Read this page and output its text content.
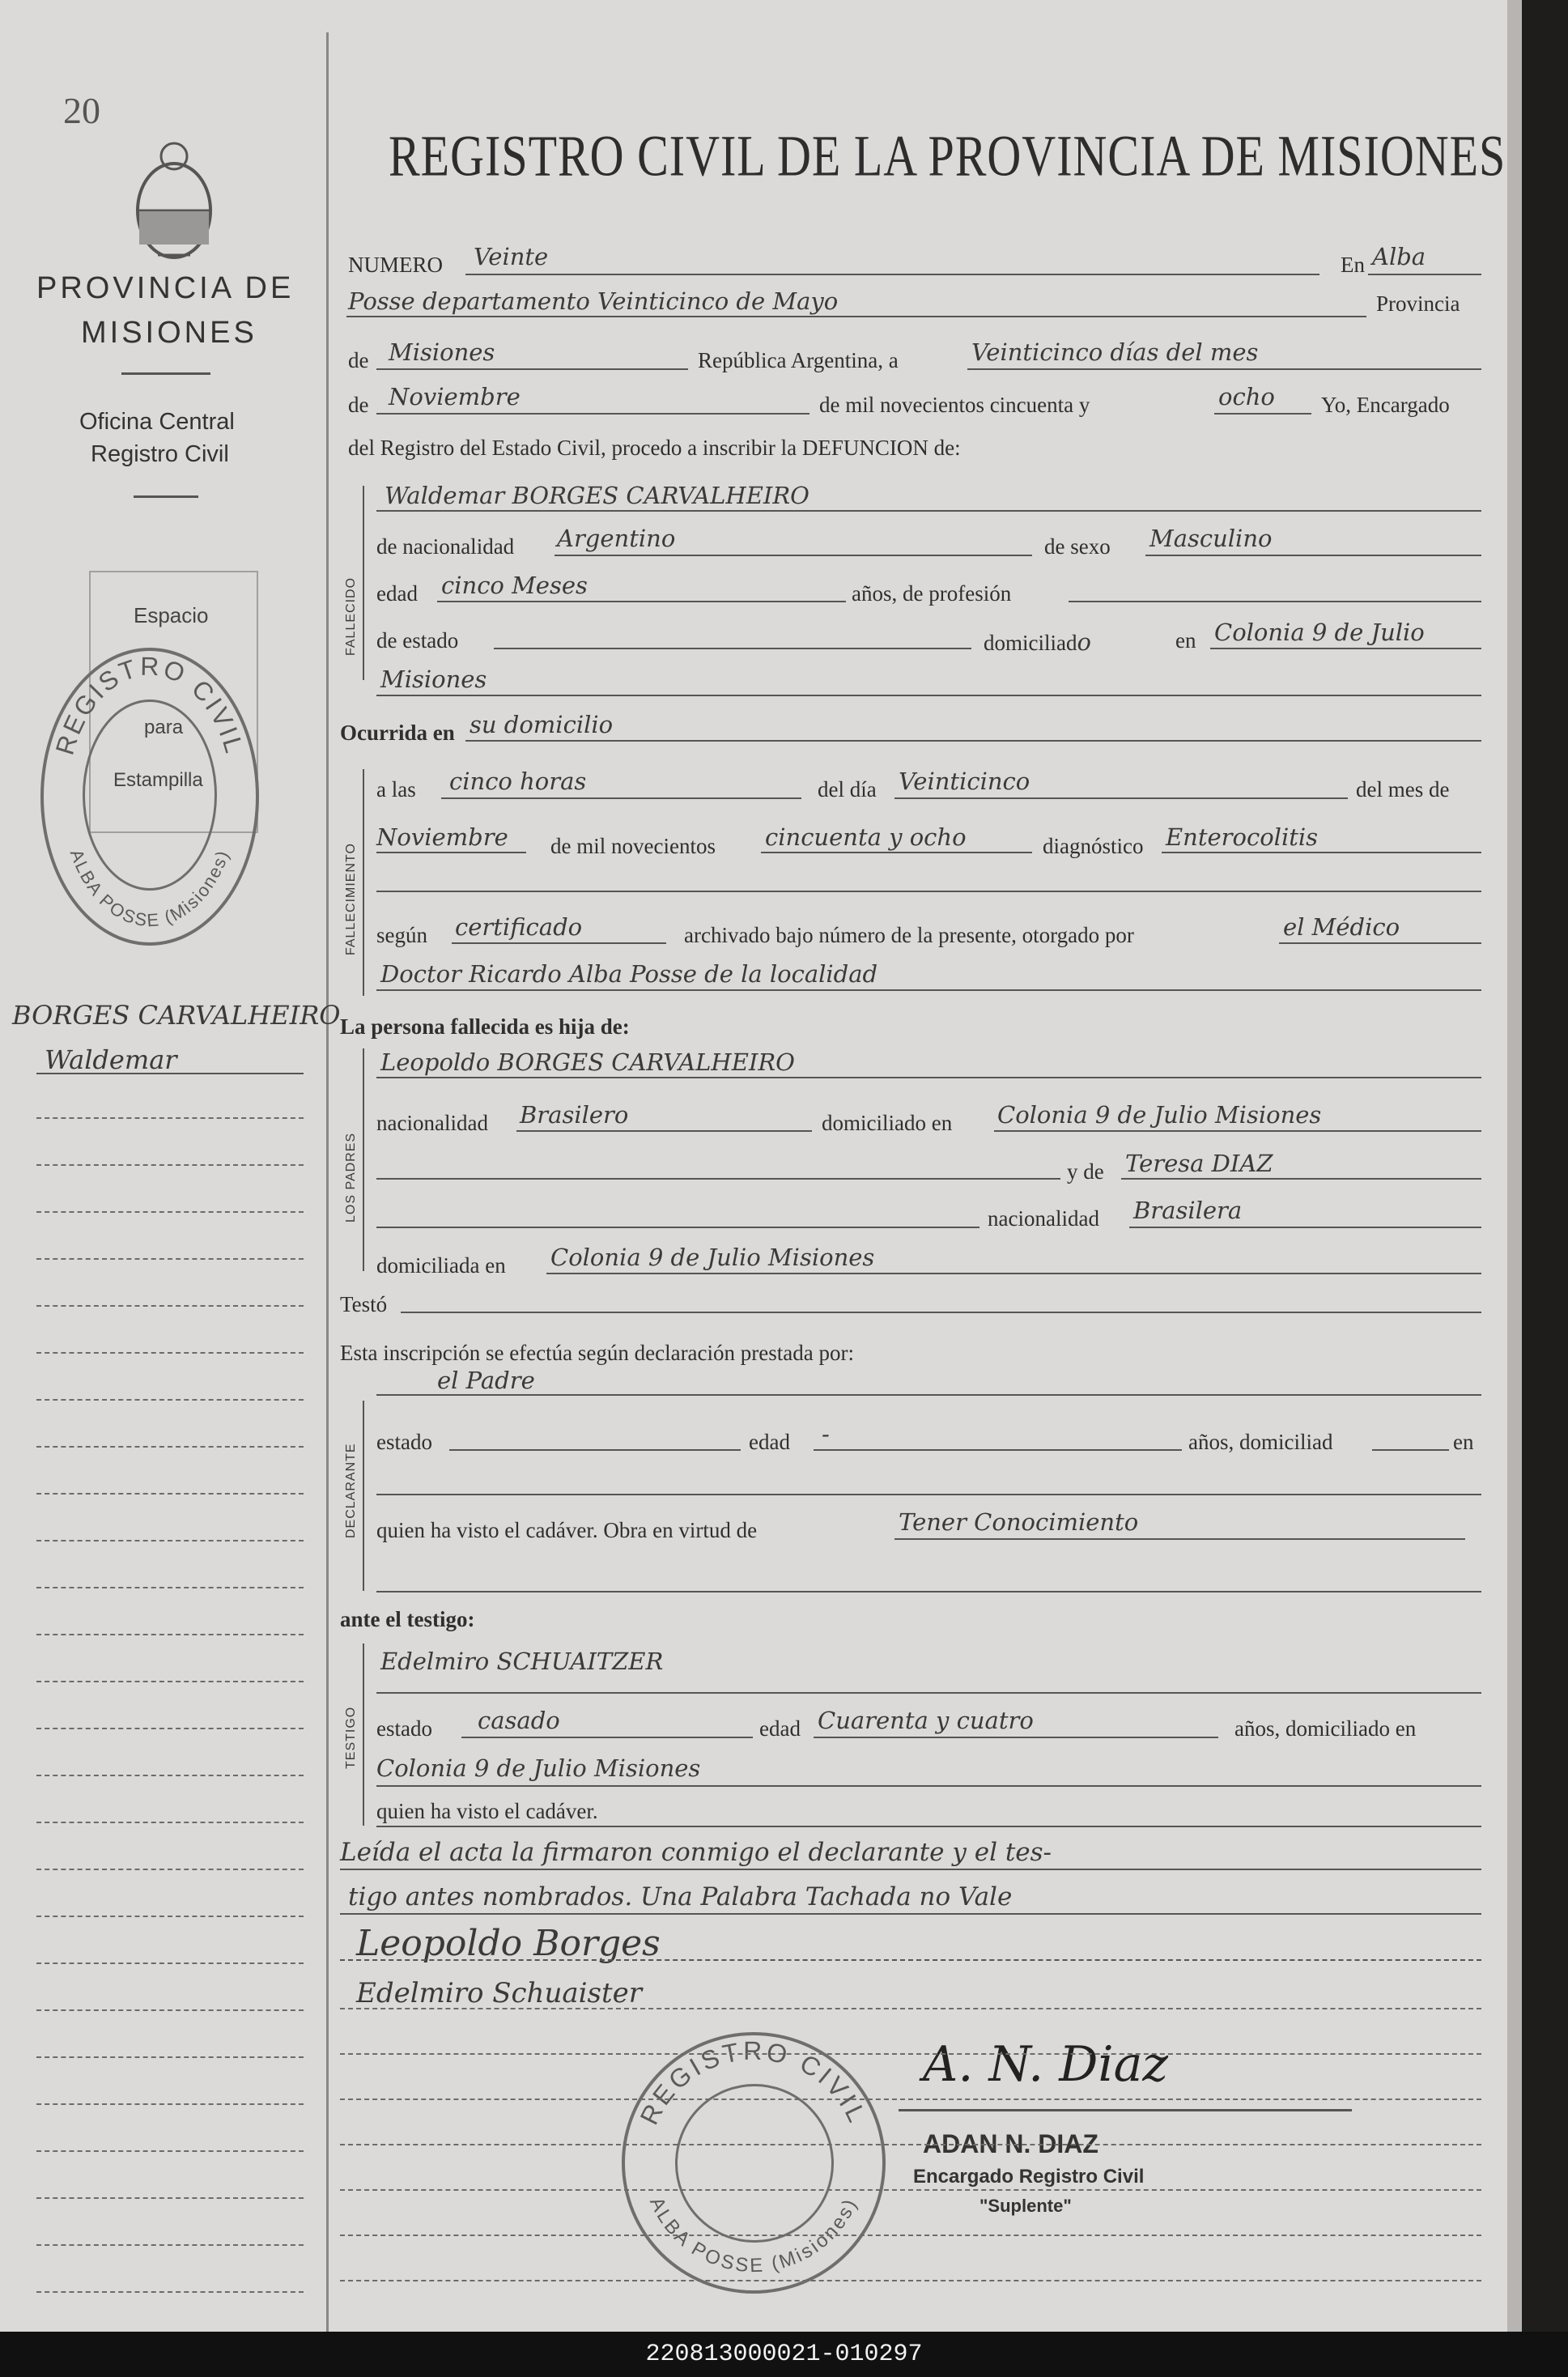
20
PROVINCIA DE
MISIONES
Oficina Central
Registro Civil
Espacio
REGISTRO CIVIL
ALBA POSSE (Misiones)
para
Estampilla
BORGES CARVALHEIRO
Waldemar
REGISTRO CIVIL DE LA PROVINCIA DE MISIONES
NUMERO Veinte	En Alba
Posse departamento Veinticinco de Mayo	Provincia
de Misiones	República Argentina, a	Veinticinco días del mes
de Noviembre	de mil novecientos cincuenta y	ocho Yo, Encargado
del Registro del Estado Civil, procedo a inscribir la DEFUNCION de:
FALLECIDO
Waldemar BORGES CARVALHEIRO
de nacionalidad Argentino	de sexo Masculino
edad cinco Meses	años, de profesión
de estado	domiciliado	en Colonia 9 de Julio
Misiones
Ocurrida en su domicilio
FALLECIMIENTO
a las cinco horas	del día Veinticinco	del mes de
Noviembre de mil novecientos cincuenta y ocho	diagnóstico Enterocolitis
según certificado	archivado bajo número de la presente, otorgado por	el Médico
Doctor Ricardo Alba Posse de la localidad
La persona fallecida es hija de:
LOS PADRES
Leopoldo BORGES CARVALHEIRO
nacionalidad Brasilero	domiciliado en Colonia 9 de Julio Misiones
y de Teresa DIAZ
nacionalidad Brasilera
domiciliada en Colonia 9 de Julio Misiones
Testó
Esta inscripción se efectúa según declaración prestada por:
el Padre
DECLARANTE
estado	edad -	años, domiciliad	en
quien ha visto el cadáver. Obra en virtud de	Tener Conocimiento
ante el testigo:
TESTIGO
Edelmiro SCHUAITZER
estado casado	edad Cuarenta y cuatro	años, domiciliado en
Colonia 9 de Julio Misiones
quien ha visto el cadáver.
Leída el acta la firmaron conmigo el declarante y el tes-
tigo antes nombrados. Una Palabra Tachada no Vale
Leopoldo Borges
Edelmiro Schuaister
REGISTRO CIVIL
ALBA POSSE (Misiones)
A. N. Diaz
ADAN N. DIAZ
Encargado Registro Civil
"Suplente"
220813000021-010297
